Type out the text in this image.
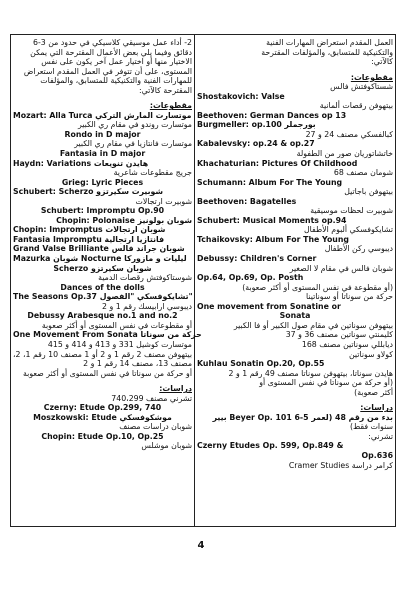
العمل المقدم استعراض المهارات الفنية
والتكنيكية للمتسابق، والمؤلفات المقترحة
كالآتي:
مقطوعات:
شستاكوفتش فالس
Shostakovich: Valse
بيتهوفن رقصات ألمانية
Beethoven: German Dances op 13
Burgmeller: op.100 بورجملر
كبالفسكي مصنف 24 و 27
Kabalevsky: op.24 & op.27
خاتشاتوريان صور من الطفولة
Khachaturian: Pictures Of Childhood
شومان مصنف 68
Schumann: Album For The Young
بيتهوفن باجاتيل
Beethoven: Bagatelles
شوبيرت لحظات موسيقية
Schubert: Musical Moments op.94
تشايكوفسكي ألبوم الأطفال
Tchaikovsky: Album For The Young
ديبوسي ركن الأطفال
Debussy: Children's Corner
شوبان فالس في مقام لا الصغير
Op.64, Op.69, Op. Posth
(أو مقطوعة في نفس المستوى أو أكثر صعوبة)
حركة من سوناتا أو سوناتينا
One movement from Sonatine or
Sonata
بيتهوفن سوناتين في مقام صول الكبير أو فا الكبير
كليمنتي سوناتين مصنف 36 و 37
ديابللي سوناتين مصنف 168
كولاو سوناتين
Kuhlau Sonatin Op.20, Op.55
هايدن سوناتا، بيتهوفن سوناتا مصنف 49 رقم 1 و 2
(أو حركة من سوناتا في نفس المستوى أو
أكثر صعوبة)
دراسات:
بيير Beyer Op. 101 بدء من رقم 48 (لعمر 5-6
سنوات فقط)
تشرني:
Czerny Etudes Op. 599, Op.849 &
Op.636
كرامر دراسة Cramer Studies
2- أداء عمل موسيقي كلاسيكي في حدود من 3-6
دقائق وفيما يلي بعض الأعمال المقترحة التي يمكن
الاختيار منها أو اختيار عمل آخر يكون على نفس
المستوى، على أن تتوفر في العمل المقدم استعراض
للمهارات الفنية والتكنيكية للمتسابق، والمؤلفات
المقترحة كالآتي:
مقطوعات:
Mozart: Alla Turca موتسارت المارش التركي
موتسارت روندو في مقام ري الكبير
Rondo in D major
موتسارت فانتازيا في مقام ري الكبير
Fantasia in D major
Haydn: Variations هايدن تنويعات
جريج مقطوعات شاعرية
Grieg: Lyric Pieces
Schubert: Scherzo شوبيرت سكيرتزو
شوبيرت ارتجالات
Schubert: Impromptu Op.90
Chopin: Polonaise شوبان بولونيز
Chopin: Impromptus شوبان ارتجالات
Fantasia Impromptu فانتازيا ارتجالية
Grand Valse Brilliante شوبان جراند فالس
Mazurka شوبان Nocturne ليليات و مازوركا
Scherzo شوبان سكيرتزو
شوستاكوفتش رقصات الدمية
Dances of the dolls
The Seasons Op.37 تشايكوفسكي "الفصول"
ديبوسي ارابيسك رقم 1 و 2
Debussy Arabesque no.1 and no.2
أو مقطوعات في نفس المستوى أو أكثر صعوبة
One Movement From Sonata حركة من سوناتا
موتسارت كوشيل 331 و 413 و 414 و 415
بيتهوفن مصنف 2 رقم 1 و 2 أو 1 مصنف 10 رقم 1، 2،
مصنف 13، مصنف 14 رقم 1 و 2
أو حركة من سوناتا في نفس المستوى أو أكثر صعوبة
دراسات:
تشرني مصنف 740،299
Czerny: Etude Op.299, 740
Moszkowski: Etude موشكوفسكي
شوبان دراسات مصنف
Chopin: Etude Op.10, Op.25
شوبان موشلس
4
